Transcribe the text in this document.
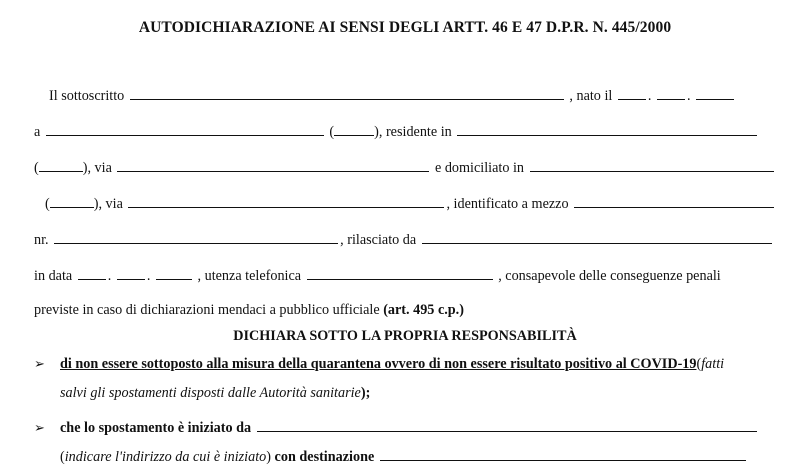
AUTODICHIARAZIONE AI SENSI DEGLI ARTT. 46 E 47 D.P.R. N. 445/2000
Il sottoscritto	, nato il	.	.
a	(	), residente in
(	), via	e domiciliato in
(	), via	, identificato a mezzo
nr.	, rilasciato da
in data	.	.	, utenza telefonica	, consapevole delle conseguenze penali
previste in caso di dichiarazioni mendaci a pubblico ufficiale (art. 495 c.p.)
DICHIARA SOTTO LA PROPRIA RESPONSABILITÀ
➢ di non essere sottoposto alla misura della quarantena ovvero di non essere risultato positivo al COVID-19(fatti
salvi gli spostamenti disposti dalle Autorità sanitarie);
➢ che lo spostamento è iniziato da
(indicare l'indirizzo da cui è iniziato) con destinazione
